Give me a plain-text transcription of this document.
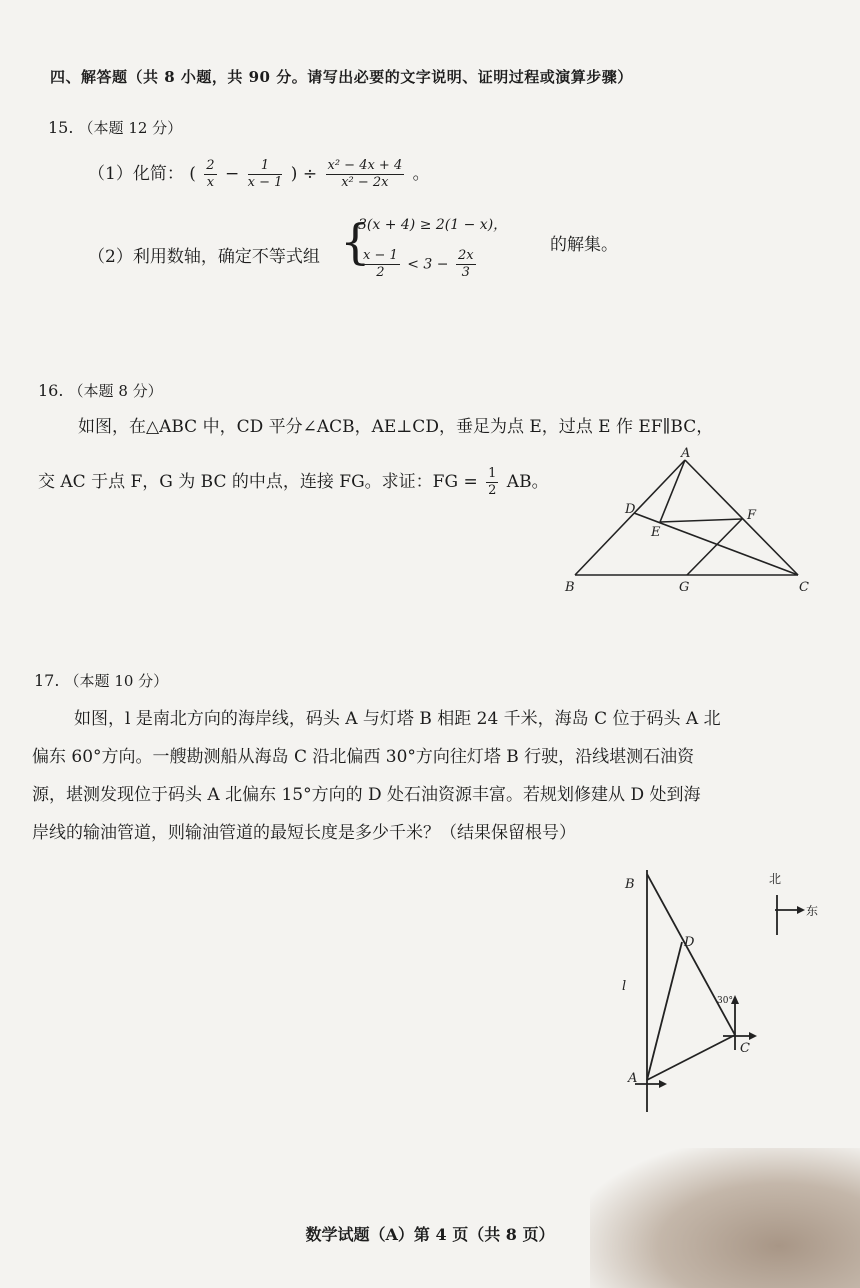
四、解答题（共 8 小题，共 90 分。请写出必要的文字说明、证明过程或演算步骤）
15. （本题 12 分）
（1）化简： ( $\frac{2}{x} - \frac{1}{x - 1}$ ) ÷ $\frac{\text{x² − 4x + 4}}{\text{x² − 2x}}$ 。
（2）利用数轴，确定不等式组 {
3(x + 4) ≥ 2(1 − x)，
$\frac{x - 1}{2} < 3 - \frac{2x}{3}$
的解集。
16. （本题 8 分）
如图，在△ABC 中，CD 平分∠ACB，AE⊥CD，垂足为点 E，过点 E 作 EF∥BC，
交 AC 于点 F，G 为 BC 的中点，连接 FG。求证：FG = $\frac{1}{2}$ AB。
A
B	C
D
E
F
G
17. （本题 10 分）
如图，l 是南北方向的海岸线，码头 A 与灯塔 B 相距 24 千米，海岛 C 位于码头 A 北
偏东 60°方向。一艘勘测船从海岛 C 沿北偏西 30°方向往灯塔 B 行驶，沿线堪测石油资
源，堪测发现位于码头 A 北偏东 15°方向的 D 处石油资源丰富。若规划修建从 D 处到海
岸线的输油管道，则输油管道的最短长度是多少千米？（结果保留根号）
B
D
l
30°
C
A
北
东
数学试题（A）第 4 页（共 8 页）
